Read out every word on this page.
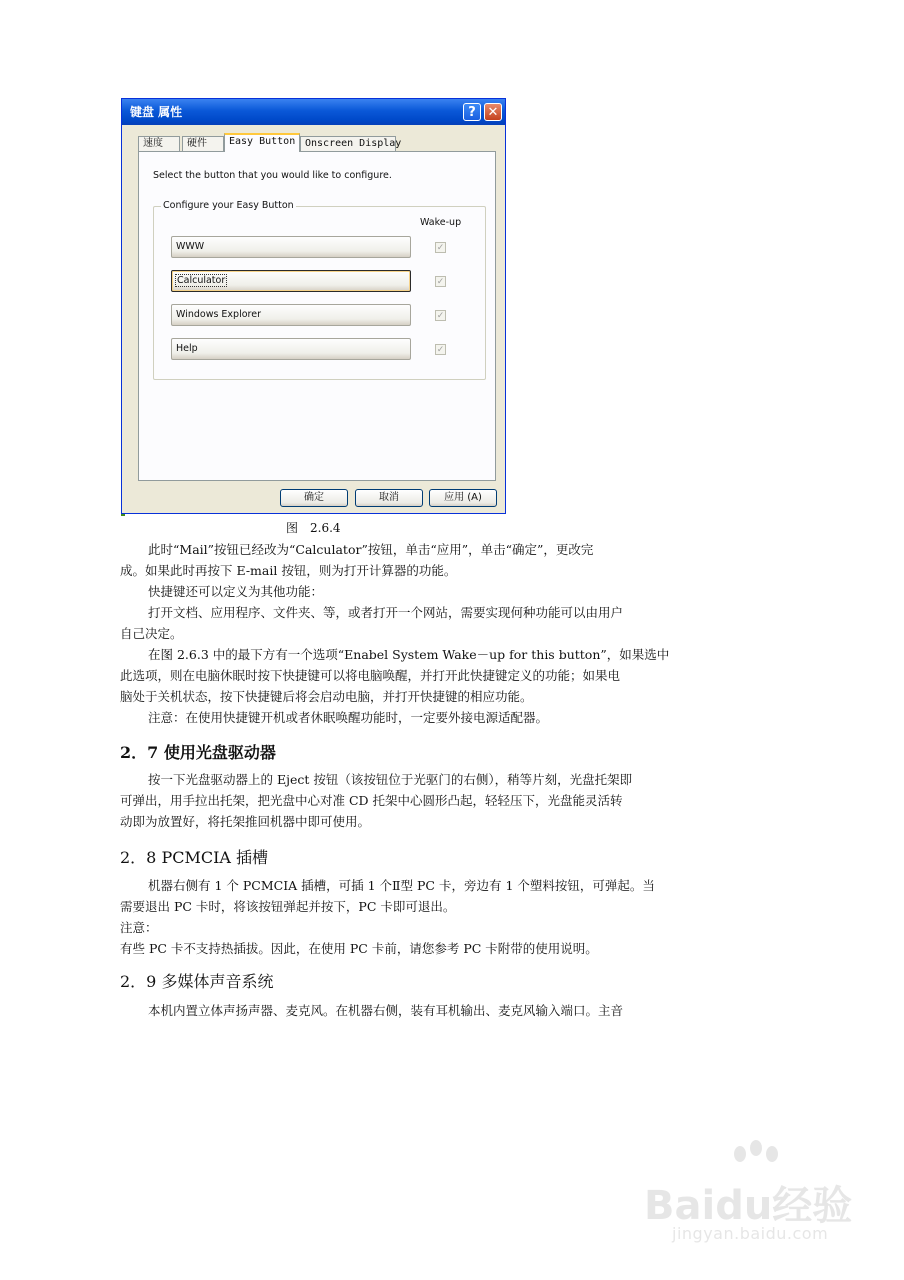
键盘 属性	? ✕
速度	硬件	Easy Button Onscreen Display
Select the button that you would like to configure.
Configure your Easy Button
Wake-up
WWW	✓
Calculator	✓
Windows Explorer	✓
Help	✓
确定	取消	应用 (A)
图　2.6.4
此时“Mail”按钮已经改为“Calculator”按钮，单击“应用”，单击“确定”，更改完
成。如果此时再按下 E-mail 按钮，则为打开计算器的功能。
快捷键还可以定义为其他功能：
打开文档、应用程序、文件夹、等，或者打开一个网站，需要实现何种功能可以由用户
自己决定。
在图 2.6.3 中的最下方有一个选项“Enabel System Wake－up for this button”，如果选中
此选项，则在电脑休眠时按下快捷键可以将电脑唤醒，并打开此快捷键定义的功能；如果电
脑处于关机状态，按下快捷键后将会启动电脑，并打开快捷键的相应功能。
注意：在使用快捷键开机或者休眠唤醒功能时，一定要外接电源适配器。
2．7 使用光盘驱动器
按一下光盘驱动器上的 Eject 按钮（该按钮位于光驱门的右侧），稍等片刻，光盘托架即
可弹出，用手拉出托架，把光盘中心对准 CD 托架中心圆形凸起，轻轻压下，光盘能灵活转
动即为放置好，将托架推回机器中即可使用。
2．8 PCMCIA 插槽
机器右侧有 1 个 PCMCIA 插槽，可插 1 个Ⅱ型 PC 卡，旁边有 1 个塑料按钮，可弹起。当
需要退出 PC 卡时，将该按钮弹起并按下，PC 卡即可退出。
注意：
有些 PC 卡不支持热插拔。因此，在使用 PC 卡前，请您参考 PC 卡附带的使用说明。
2．9 多媒体声音系统
本机内置立体声扬声器、麦克风。在机器右侧，装有耳机输出、麦克风输入端口。主音
Baidu经验
jingyan.baidu.com
